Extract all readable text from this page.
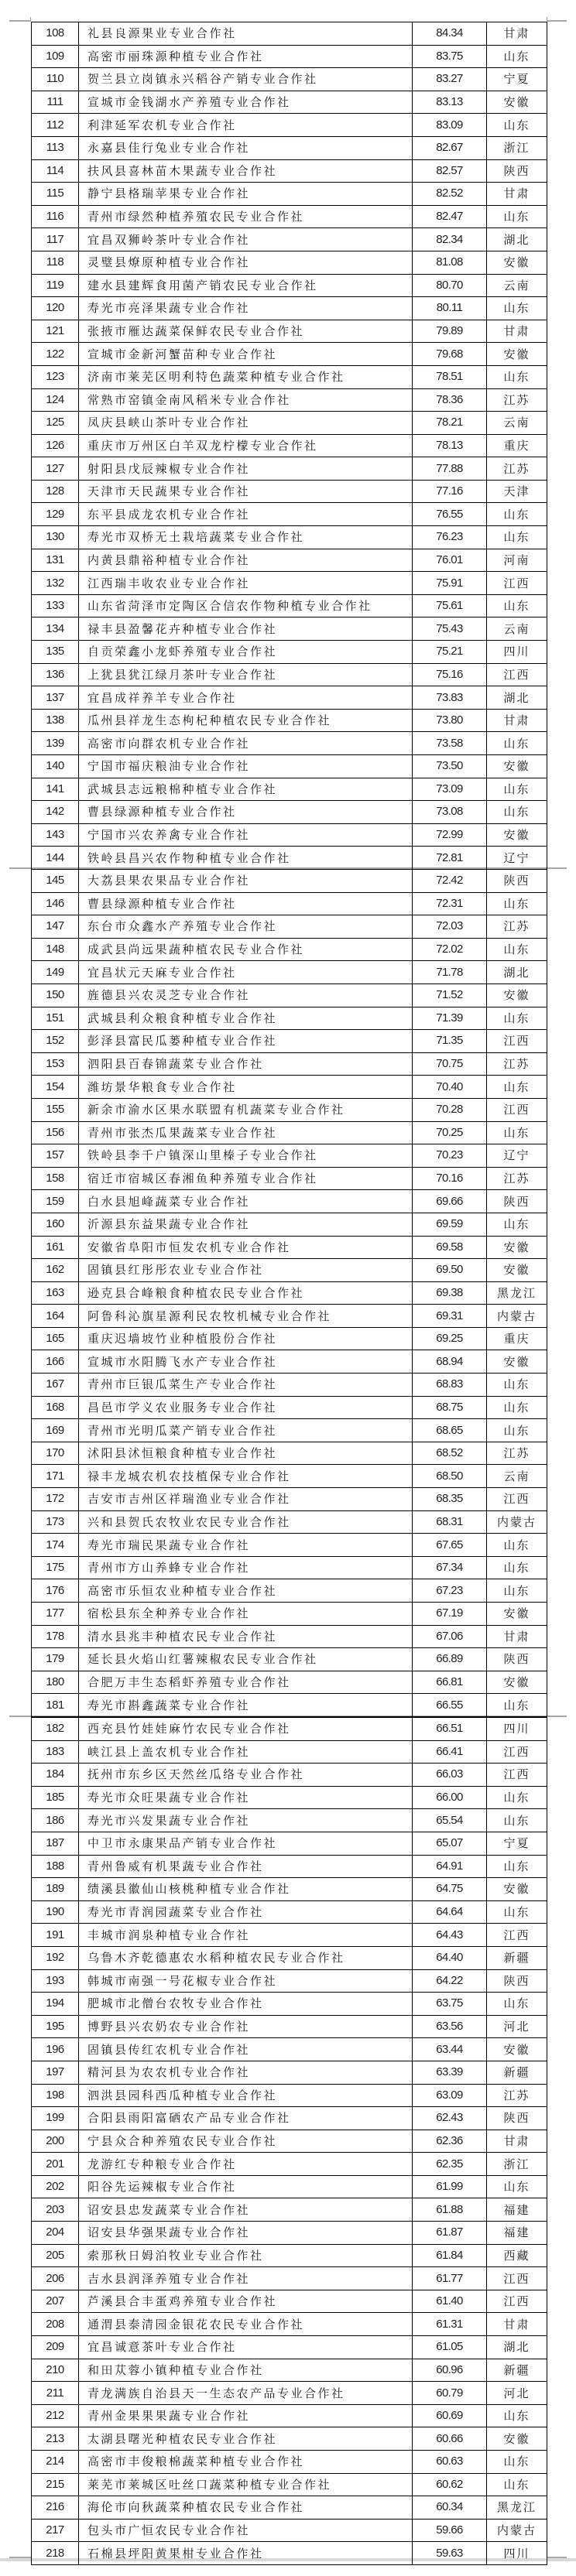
108	礼县良源果业专业合作社	84.34	甘肃
109	高密市丽珠源种植专业合作社	83.75	山东
110	贺兰县立岗镇永兴稻谷产销专业合作社	83.27	宁夏
111	宣城市金钱湖水产养殖专业合作社	83.13	安徽
112	利津延军农机专业合作社	83.09	山东
113	永嘉县佳行兔业专业合作社	82.67	浙江
114	扶风县喜林苗木果蔬专业合作社	82.57	陕西
115	静宁县格瑞苹果专业合作社	82.52	甘肃
116	青州市绿然种植养殖农民专业合作社	82.47	山东
117	宜昌双狮岭茶叶专业合作社	82.34	湖北
118	灵璧县燎原种植专业合作社	81.08	安徽
119	建水县建辉食用菌产销农民专业合作社	80.70	云南
120	寿光市亮泽果蔬专业合作社	80.11	山东
121	张掖市雁达蔬菜保鲜农民专业合作社	79.89	甘肃
122	宣城市金新河蟹苗种专业合作社	79.68	安徽
123	济南市莱芜区明利特色蔬菜种植专业合作社	78.51	山东
124	常熟市窑镇金南风稻米专业合作社	78.36	江苏
125	凤庆县峡山茶叶专业合作社	78.21	云南
126	重庆市万州区白羊双龙柠檬专业合作社	78.13	重庆
127	射阳县戊辰辣椒专业合作社	77.88	江苏
128	天津市天民蔬果专业合作社	77.16	天津
129	东平县成龙农机专业合作社	76.55	山东
130	寿光市双桥无土栽培蔬菜专业合作社	76.23	山东
131	内黄县鼎裕种植专业合作社	76.01	河南
132	江西瑞丰收农业专业合作社	75.91	江西
133	山东省菏泽市定陶区合信农作物种植专业合作社	75.61	山东
134	禄丰县盈馨花卉种植专业合作社	75.43	云南
135	自贡荣鑫小龙虾养殖专业合作社	75.21	四川
136	上犹县犹江绿月茶叶专业合作社	75.16	江西
137	宜昌成祥养羊专业合作社	73.83	湖北
138	瓜州县祥龙生态枸杞种植农民专业合作社	73.80	甘肃
139	高密市向群农机专业合作社	73.58	山东
140	宁国市福庆粮油专业合作社	73.50	安徽
141	武城县志远粮棉种植专业合作社	73.09	山东
142	曹县绿源种植专业合作社	73.08	山东
143	宁国市兴农养禽专业合作社	72.99	安徽
144	铁岭县昌兴农作物种植专业合作社	72.81	辽宁
145	大荔县果农果品专业合作社	72.42	陕西
146	曹县绿源种植专业合作社	72.31	山东
147	东台市众鑫水产养殖专业合作社	72.03	江苏
148	成武县尚远果蔬种植农民专业合作社	72.02	山东
149	宜昌状元天麻专业合作社	71.78	湖北
150	旌德县兴农灵芝专业合作社	71.52	安徽
151	武城县利众粮食种植专业合作社	71.39	山东
152	彭泽县富民瓜蒌种植专业合作社	71.35	江西
153	泗阳县百春锦蔬菜专业合作社	70.75	江苏
154	潍坊景华粮食专业合作社	70.40	山东
155	新余市渝水区果水联盟有机蔬菜专业合作社	70.28	江西
156	青州市张杰瓜果蔬菜专业合作社	70.25	山东
157	铁岭县李千户镇深山里榛子专业合作社	70.23	辽宁
158	宿迁市宿城区春湘鱼种养殖专业合作社	70.16	江苏
159	白水县旭峰蔬菜专业合作社	69.66	陕西
160	沂源县东益果蔬专业合作社	69.59	山东
161	安徽省阜阳市恒发农机专业合作社	69.58	安徽
162	固镇县红彤彤农业专业合作社	69.50	安徽
163	逊克县合峰粮食种植农民专业合作社	69.38	黑龙江
164	阿鲁科沁旗星源利民农牧机械专业合作社	69.31	内蒙古
165	重庆迟墙坡竹业种植股份合作社	69.25	重庆
166	宣城市水阳腾飞水产专业合作社	68.94	安徽
167	青州市巨银瓜菜生产专业合作社	68.83	山东
168	昌邑市学义农业服务专业合作社	68.75	山东
169	青州市光明瓜菜产销专业合作社	68.65	山东
170	沭阳县沭恒粮食种植专业合作社	68.52	江苏
171	禄丰龙城农机农技植保专业合作社	68.50	云南
172	吉安市吉州区祥瑞渔业专业合作社	68.35	江西
173	兴和县贺氏农牧业农民专业合作社	68.31	内蒙古
174	寿光市瑞民果蔬专业合作社	67.65	山东
175	青州市方山养蜂专业合作社	67.34	山东
176	高密市乐恒农业种植专业合作社	67.23	山东
177	宿松县东全种养专业合作社	67.19	安徽
178	清水县兆丰种植农民专业合作社	67.06	甘肃
179	延长县火焰山红薯辣椒农民专业合作社	66.89	陕西
180	合肥万丰生态稻虾养殖专业合作社	66.81	安徽
181	寿光市斟鑫蔬菜专业合作社	66.55	山东
182	西充县竹娃娃麻竹农民专业合作社	66.51	四川
183	峡江县上盖农机专业合作社	66.41	江西
184	抚州市东乡区天然丝瓜络专业合作社	66.03	江西
185	寿光市众旺果蔬专业合作社	66.00	山东
186	寿光市兴发果蔬专业合作社	65.54	山东
187	中卫市永康果品产销专业合作社	65.07	宁夏
188	青州鲁威有机果蔬专业合作社	64.91	山东
189	绩溪县徽仙山核桃种植专业合作社	64.75	安徽
190	寿光市青润园蔬菜专业合作社	64.64	山东
191	丰城市润泉种植专业合作社	64.43	江西
192	乌鲁木齐乾德惠农水稻种植农民专业合作社	64.40	新疆
193	韩城市南强一号花椒专业合作社	64.22	陕西
194	肥城市北僧台农牧专业合作社	63.75	山东
195	博野县兴农奶农专业合作社	63.56	河北
196	固镇县传红农机专业合作社	63.44	安徽
197	精河县为农农机专业合作社	63.39	新疆
198	泗洪县园科西瓜种植专业合作社	63.09	江苏
199	合阳县雨阳富硒农产品专业合作社	62.43	陕西
200	宁县众合种养殖农民专业合作社	62.36	甘肃
201	龙游红专种粮专业合作社	62.35	浙江
202	阳谷先运辣椒专业合作社	61.99	山东
203	诏安县忠发蔬菜专业合作社	61.88	福建
204	诏安县华强果蔬专业合作社	61.87	福建
205	索那秋日姆泊牧业专业合作社	61.84	西藏
206	吉水县润泽养殖专业合作社	61.77	江西
207	芦溪县合丰蛋鸡养殖专业合作社	61.40	江西
208	通渭县泰清园金银花农民专业合作社	61.31	甘肃
209	宜昌诚意茶叶专业合作社	61.05	湖北
210	和田苁蓉小镇种植专业合作社	60.96	新疆
211	青龙满族自治县天一生态农产品专业合作社	60.79	河北
212	青州金果果果蔬专业合作社	60.69	山东
213	太湖县曙光种植农民专业合作社	60.66	安徽
214	高密市丰俊粮棉蔬菜种植专业合作社	60.63	山东
215	莱芜市莱城区吐丝口蔬菜种植专业合作社	60.62	山东
216	海伦市向秋蔬菜种植农民专业合作社	60.34	黑龙江
217	包头市广恒农民专业合作社	59.66	内蒙古
218	石棉县坪阳黄果柑专业合作社	59.63	四川
